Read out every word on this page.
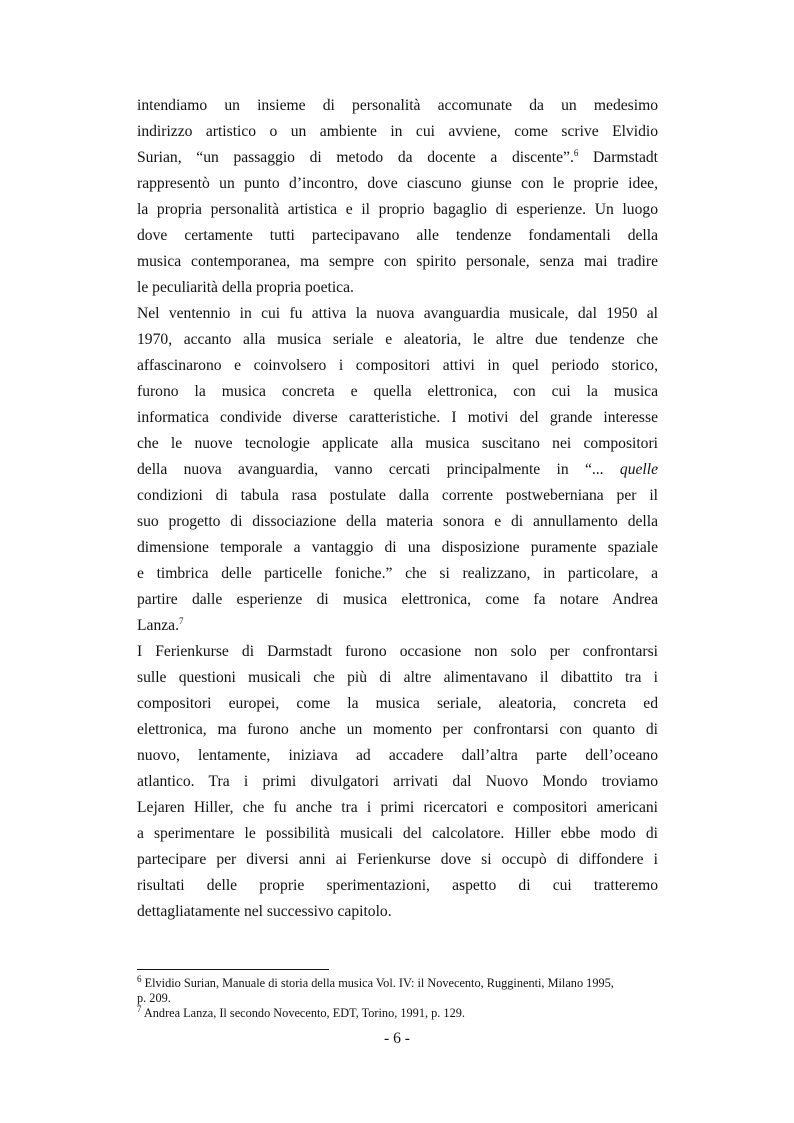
intendiamo un insieme di personalità accomunate da un medesimo
indirizzo artistico o un ambiente in cui avviene, come scrive Elvidio
Surian, “un passaggio di metodo da docente a discente”.$^6$ Darmstadt
rappresentò un punto d’incontro, dove ciascuno giunse con le proprie idee,
la propria personalità artistica e il proprio bagaglio di esperienze. Un luogo
dove certamente tutti partecipavano alle tendenze fondamentali della
musica contemporanea, ma sempre con spirito personale, senza mai tradire
le peculiarità della propria poetica.
Nel ventennio in cui fu attiva la nuova avanguardia musicale, dal 1950 al
1970, accanto alla musica seriale e aleatoria, le altre due tendenze che
affascinarono e coinvolsero i compositori attivi in quel periodo storico,
furono la musica concreta e quella elettronica, con cui la musica
informatica condivide diverse caratteristiche. I motivi del grande interesse
che le nuove tecnologie applicate alla musica suscitano nei compositori
della nuova avanguardia, vanno cercati principalmente in “... quelle
condizioni di tabula rasa postulate dalla corrente postweberniana per il
suo progetto di dissociazione della materia sonora e di annullamento della
dimensione temporale a vantaggio di una disposizione puramente spaziale
e timbrica delle particelle foniche.” che si realizzano, in particolare, a
partire dalle esperienze di musica elettronica, come fa notare Andrea
Lanza.$^7$
I Ferienkurse di Darmstadt furono occasione non solo per confrontarsi
sulle questioni musicali che più di altre alimentavano il dibattito tra i
compositori europei, come la musica seriale, aleatoria, concreta ed
elettronica, ma furono anche un momento per confrontarsi con quanto di
nuovo, lentamente, iniziava ad accadere dall’altra parte dell’oceano
atlantico. Tra i primi divulgatori arrivati dal Nuovo Mondo troviamo
Lejaren Hiller, che fu anche tra i primi ricercatori e compositori americani
a sperimentare le possibilità musicali del calcolatore. Hiller ebbe modo di
partecipare per diversi anni ai Ferienkurse dove si occupò di diffondere i
risultati delle proprie sperimentazioni, aspetto di cui tratteremo
dettagliatamente nel successivo capitolo.
$^6$ Elvidio Surian, Manuale di storia della musica Vol. IV: il Novecento, Rugginenti, Milano 1995,
p. 209.
$^7$ Andrea Lanza, Il secondo Novecento, EDT, Torino, 1991, p. 129.
- 6 -
